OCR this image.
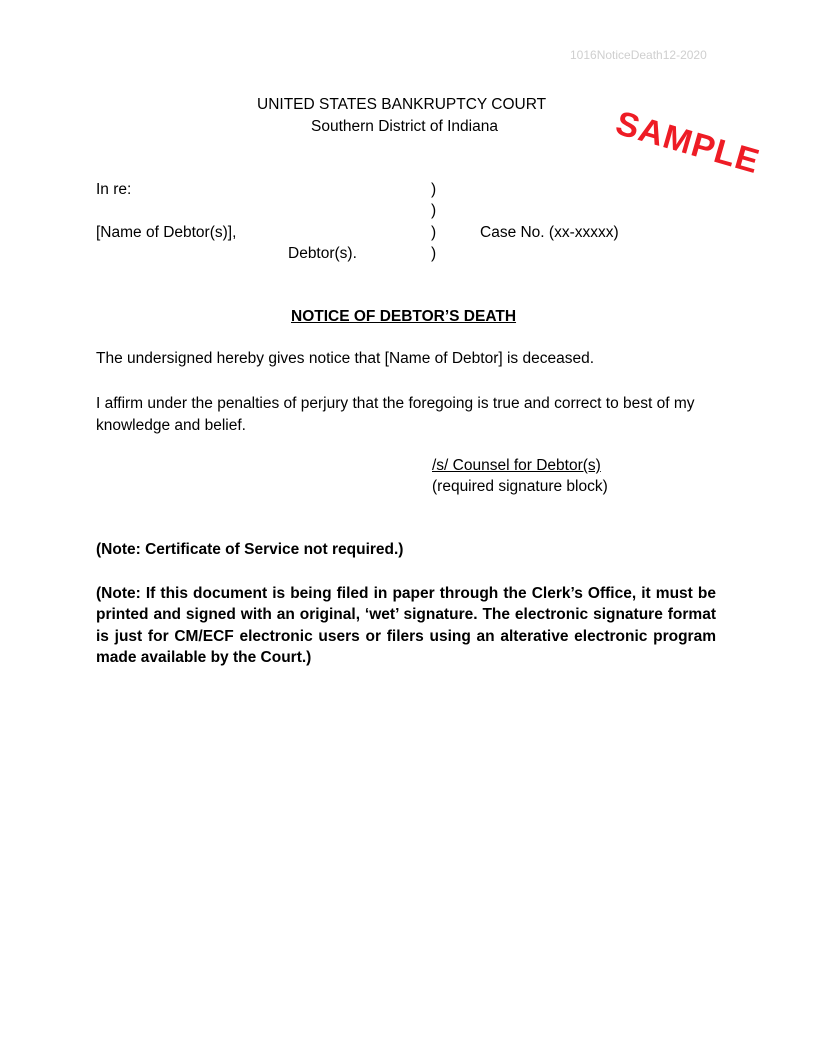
1016NoticeDeath12-2020
SAMPLE
UNITED STATES BANKRUPTCY COURT
Southern District of Indiana
In re:
[Name of Debtor(s)],
Debtor(s).
)
)
)
)
Case No. (xx-xxxxx)
NOTICE OF DEBTOR’S DEATH
The undersigned hereby gives notice that [Name of Debtor] is deceased.
I affirm under the penalties of perjury that the foregoing is true and correct to best of my knowledge and belief.
/s/ Counsel for Debtor(s)
(required signature block)
(Note: Certificate of Service not required.)
(Note: If this document is being filed in paper through the Clerk’s Office, it must be printed and signed with an original, ‘wet’ signature. The electronic signature format is just for CM/ECF electronic users or filers using an alterative electronic program made available by the Court.)
